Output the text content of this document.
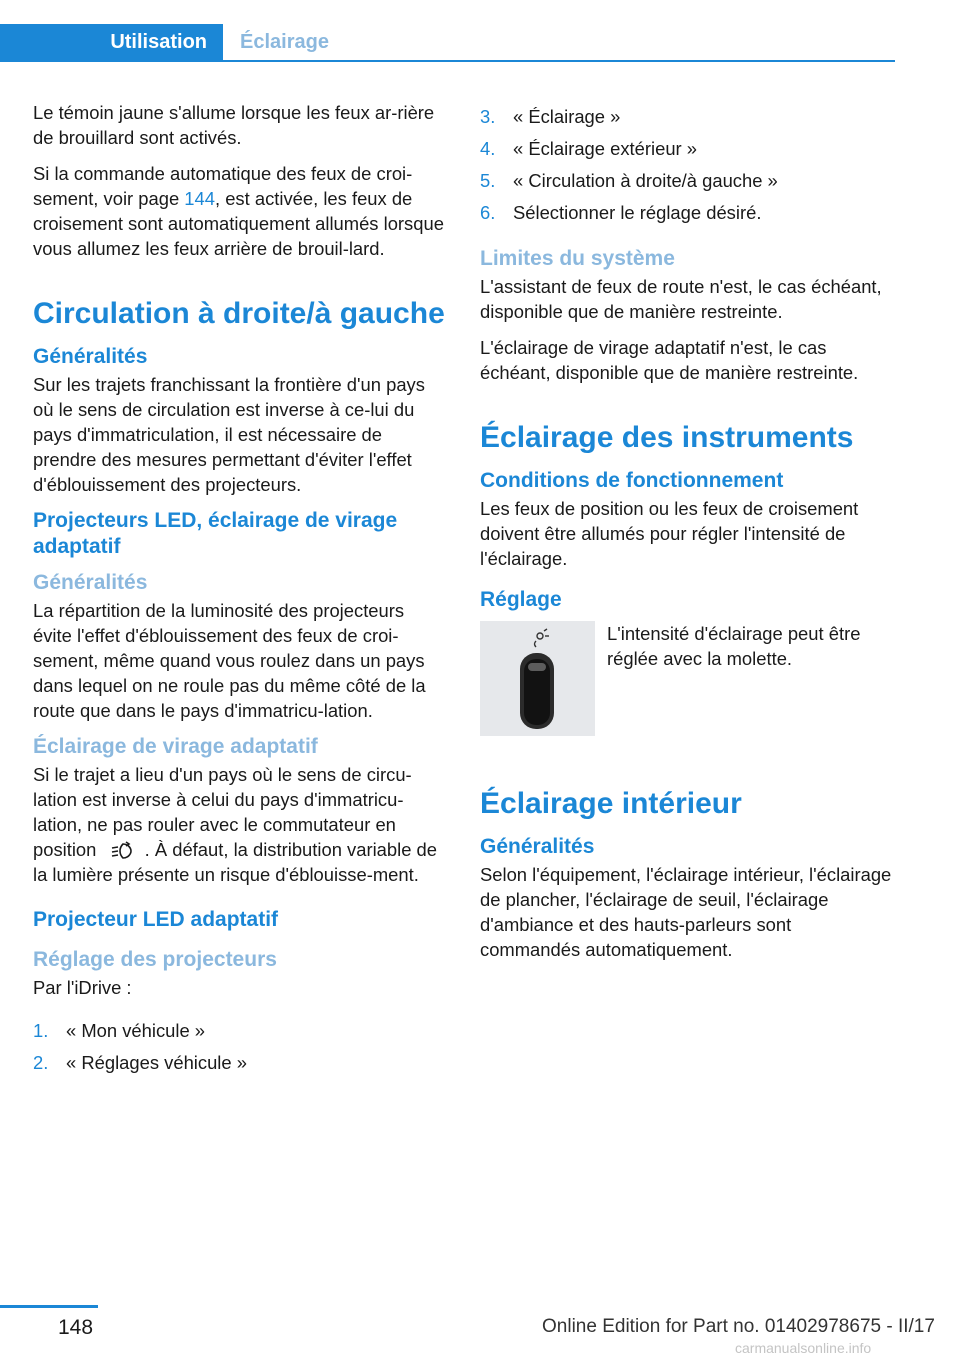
Utilisation	Éclairage

Le témoin jaune s'allume lorsque les feux ar‐rière de brouillard sont activés.

Si la commande automatique des feux de croi‐sement, voir page 144, est activée, les feux de croisement sont automatiquement allumés lorsque vous allumez les feux arrière de brouil‐lard.

Circulation à droite/à gauche
Généralités

Sur les trajets franchissant la frontière d'un pays où le sens de circulation est inverse à ce‐lui du pays d'immatriculation, il est nécessaire de prendre des mesures permettant d'éviter l'effet d'éblouissement des projecteurs.

Projecteurs LED, éclairage de virage adaptatif
Généralités

La répartition de la luminosité des projecteurs évite l'effet d'éblouissement des feux de croi‐sement, même quand vous roulez dans un pays dans lequel on ne roule pas du même côté de la route que dans le pays d'immatricu‐lation.

Éclairage de virage adaptatif

Si le trajet a lieu d'un pays où le sens de circu‐lation est inverse à celui du pays d'immatricu‐lation, ne pas rouler avec le commutateur en position  . À défaut, la distribution variable de la lumière présente un risque d'éblouisse‐ment.

Projecteur LED adaptatif
Réglage des projecteurs

Par l'iDrive :

1. « Mon véhicule »
2. « Réglages véhicule »
3. « Éclairage »
4. « Éclairage extérieur »
5. « Circulation à droite/à gauche »
6. Sélectionner le réglage désiré.
Limites du système

L'assistant de feux de route n'est, le cas échéant, disponible que de manière restreinte.

L'éclairage de virage adaptatif n'est, le cas échéant, disponible que de manière restreinte.

Éclairage des instruments
Conditions de fonctionnement

Les feux de position ou les feux de croisement doivent être allumés pour régler l'intensité de l'éclairage.

Réglage

L'intensité d'éclairage peut être réglée avec la molette.

Éclairage intérieur
Généralités

Selon l'équipement, l'éclairage intérieur, l'éclairage de plancher, l'éclairage de seuil, l'éclairage d'ambiance et des hauts-parleurs sont commandés automatiquement.

148	Online Edition for Part no. 01402978675 - II/17
carmanualsonline.info
